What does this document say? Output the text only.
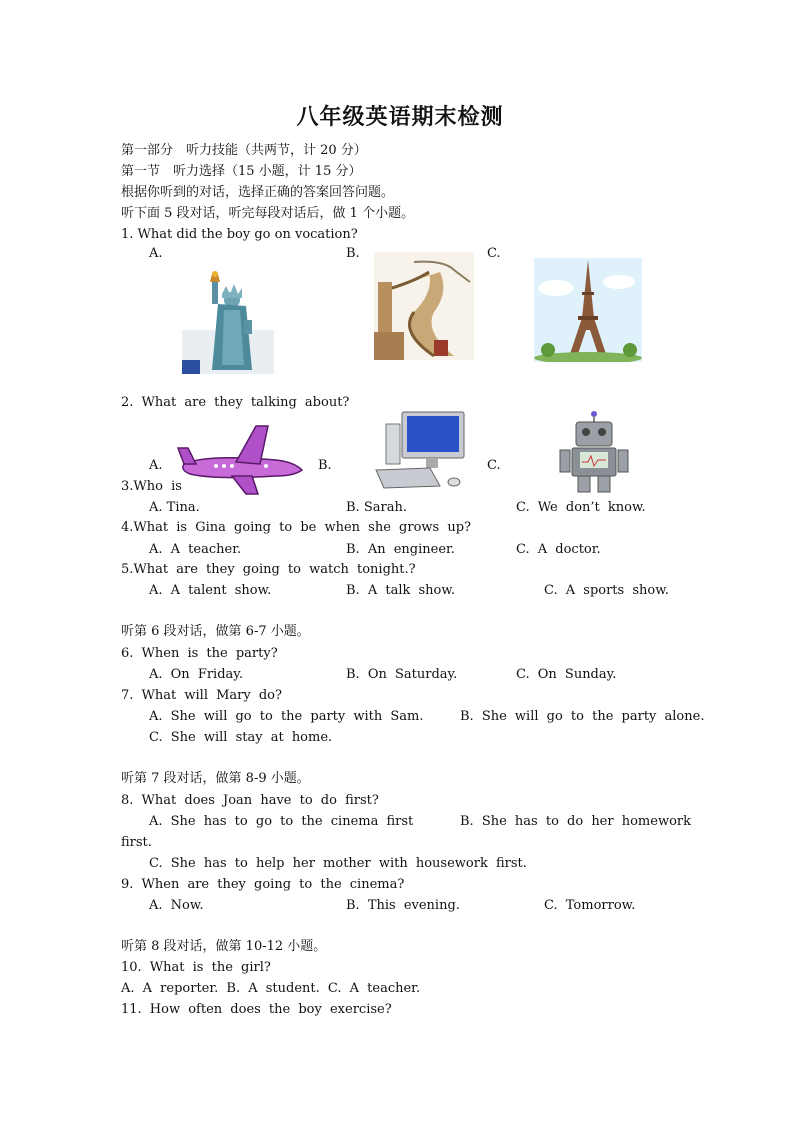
八年级英语期末检测
第一部分　听力技能（共两节，计 20 分）
第一节　听力选择（15 小题，计 15 分）
根据你听到的对话，选择正确的答案回答问题。
听下面 5 段对话，听完每段对话后，做 1 个小题。
1. What did the boy go on vocation?
A.	B.	C.
2. What are they talking about?
A.	B.	C.
3.Who is
A. Tina.	B. Sarah.	C. We don’t know.
4.What is Gina going to be when she grows up?
A. A teacher.	B. An engineer.	C. A doctor.
5.What are they going to watch tonight.?
A. A talent show.	B. A talk show.	C. A sports show.
听第 6 段对话，做第 6-7 小题。
6. When is the party?
A. On Friday.	B. On Saturday.	C. On Sunday.
7. What will Mary do?
A. She will go to the party with Sam.	B. She will go to the party alone.
C. She will stay at home.
听第 7 段对话，做第 8-9 小题。
8. What does Joan have to do first?
A. She has to go to the cinema first	B. She has to do her homework
first.
C. She has to help her mother with housework first.
9. When are they going to the cinema?
A. Now.	B. This evening.	C. Tomorrow.
听第 8 段对话，做第 10-12 小题。
10. What is the girl?
A. A reporter. B. A student. C. A teacher.
11. How often does the boy exercise?
